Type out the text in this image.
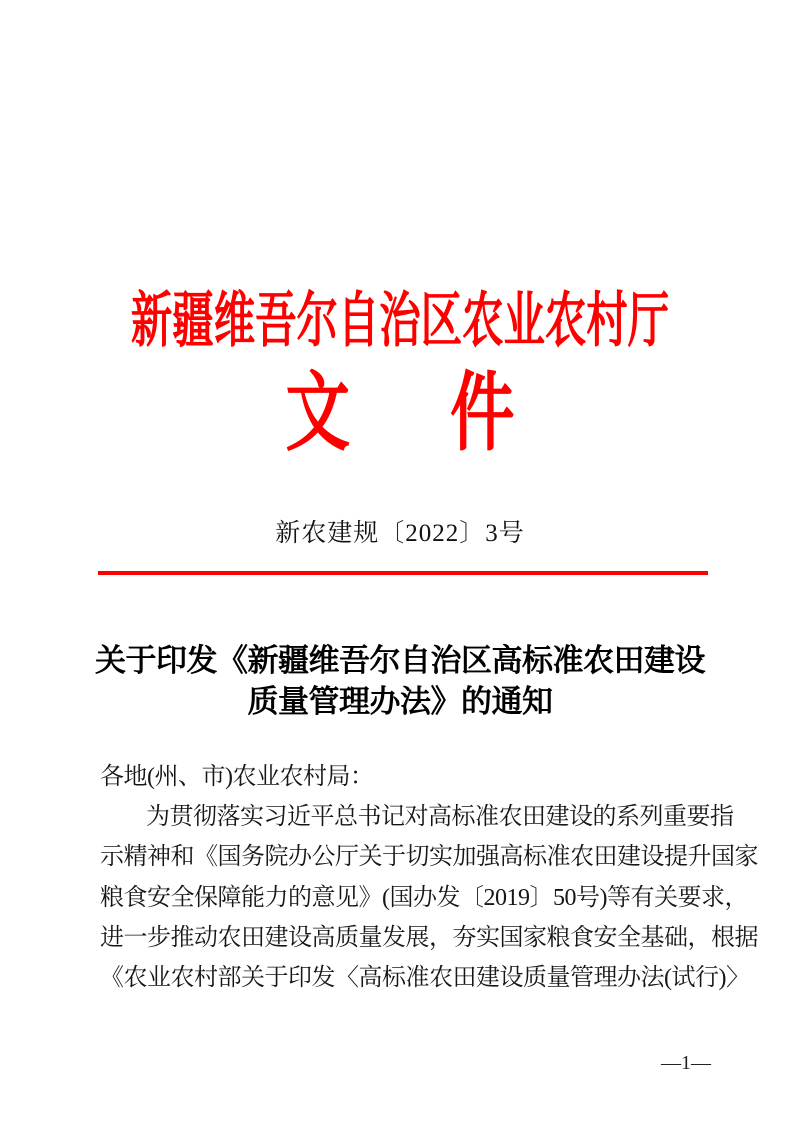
新疆维吾尔自治区农业农村厅
文件
新农建规〔2022〕3号
关于印发《新疆维吾尔自治区高标准农田建设
质量管理办法》的通知
各地(州、市)农业农村局：
为贯彻落实习近平总书记对高标准农田建设的系列重要指
示精神和《国务院办公厅关于切实加强高标准农田建设提升国家
粮食安全保障能力的意见》(国办发〔2019〕50号)等有关要求，
进一步推动农田建设高质量发展，夯实国家粮食安全基础，根据
《农业农村部关于印发〈高标准农田建设质量管理办法(试行)〉
—1—
